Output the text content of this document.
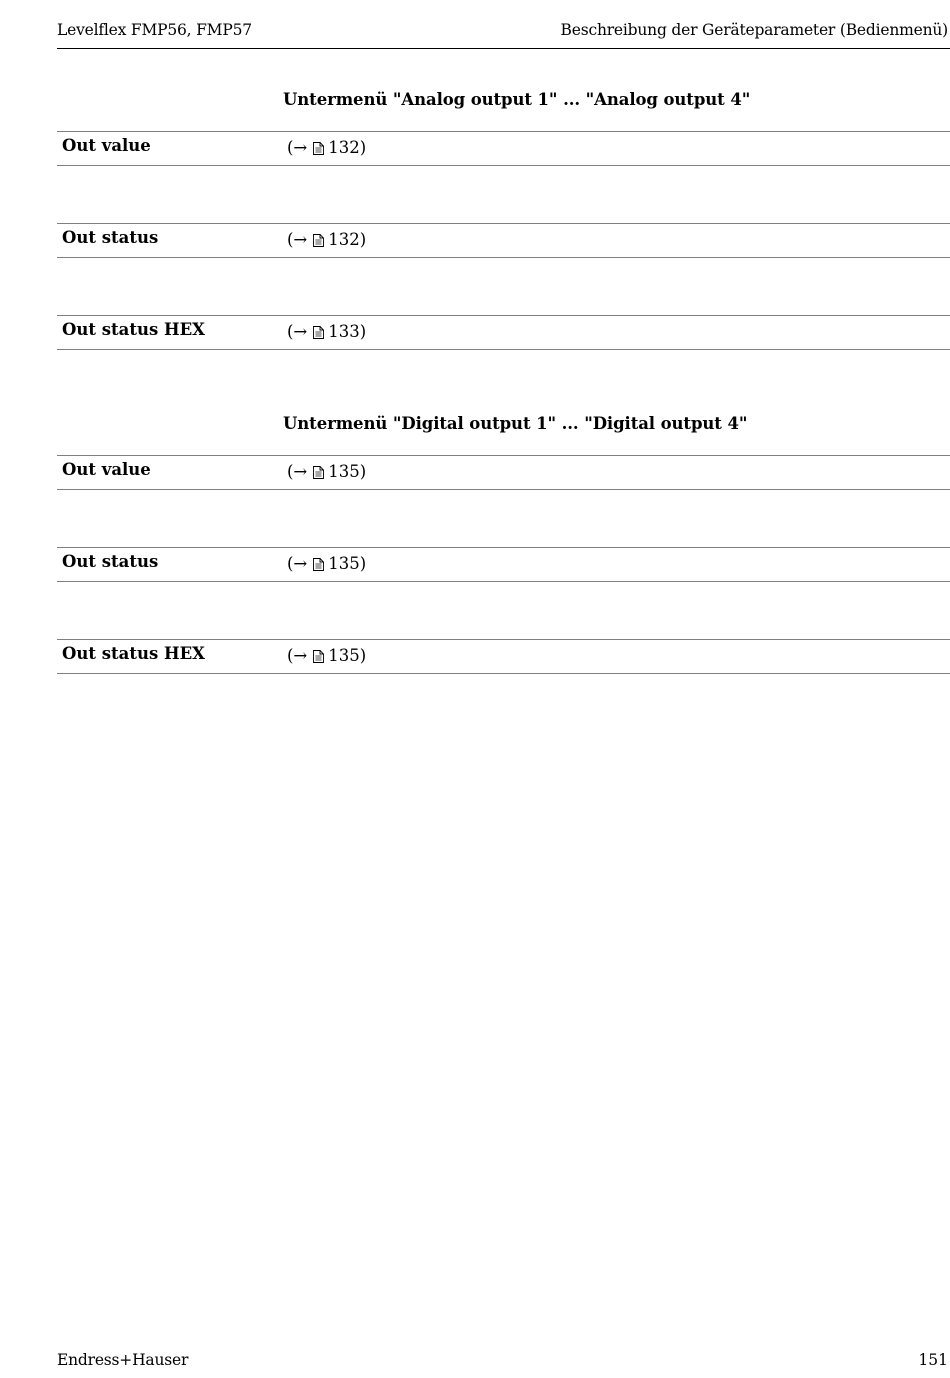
Levelflex FMP56, FMP57	Beschreibung der Geräteparameter (Bedienmenü)
Untermenü "Analog output 1" ... "Analog output 4"
Out value	(→ 132)
Out status	(→ 132)
Out status HEX	(→ 133)
Untermenü "Digital output 1" ... "Digital output 4"
Out value	(→ 135)
Out status	(→ 135)
Out status HEX	(→ 135)
Endress+Hauser	151
